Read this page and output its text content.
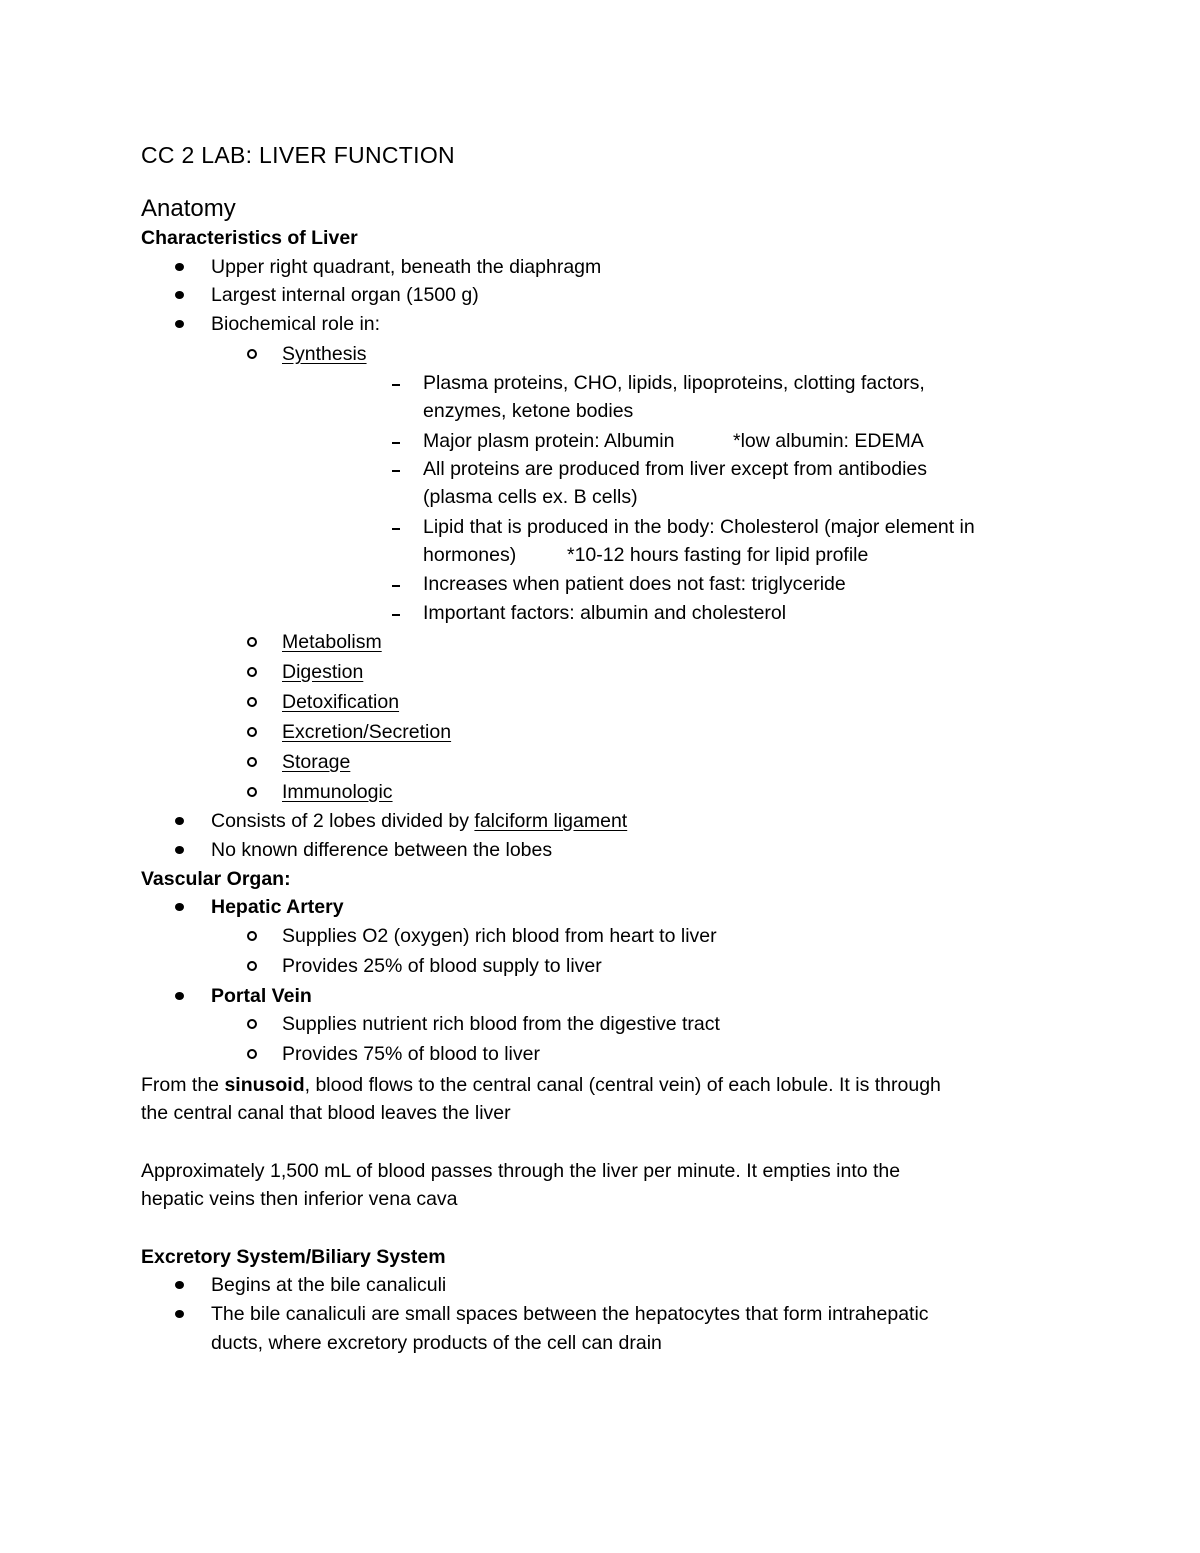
CC 2 LAB: LIVER FUNCTION
Anatomy
Characteristics of Liver
Upper right quadrant, beneath the diaphragm
Largest internal organ (1500 g)
Biochemical role in:
Synthesis
Plasma proteins, CHO, lipids, lipoproteins, clotting factors,
enzymes, ketone bodies
Major plasm protein: Albumin	*low albumin: EDEMA
All proteins are produced from liver except from antibodies
(plasma cells ex. B cells)
Lipid that is produced in the body: Cholesterol (major element in
hormones)	*10-12 hours fasting for lipid profile
Increases when patient does not fast: triglyceride
Important factors: albumin and cholesterol
Metabolism
Digestion
Detoxification
Excretion/Secretion
Storage
Immunologic
Consists of 2 lobes divided by falciform ligament
No known difference between the lobes
Vascular Organ:
Hepatic Artery
Supplies O2 (oxygen) rich blood from heart to liver
Provides 25% of blood supply to liver
Portal Vein
Supplies nutrient rich blood from the digestive tract
Provides 75% of blood to liver
From the sinusoid, blood flows to the central canal (central vein) of each lobule. It is through
the central canal that blood leaves the liver
Approximately 1,500 mL of blood passes through the liver per minute. It empties into the
hepatic veins then inferior vena cava
Excretory System/Biliary System
Begins at the bile canaliculi
The bile canaliculi are small spaces between the hepatocytes that form intrahepatic
ducts, where excretory products of the cell can drain
